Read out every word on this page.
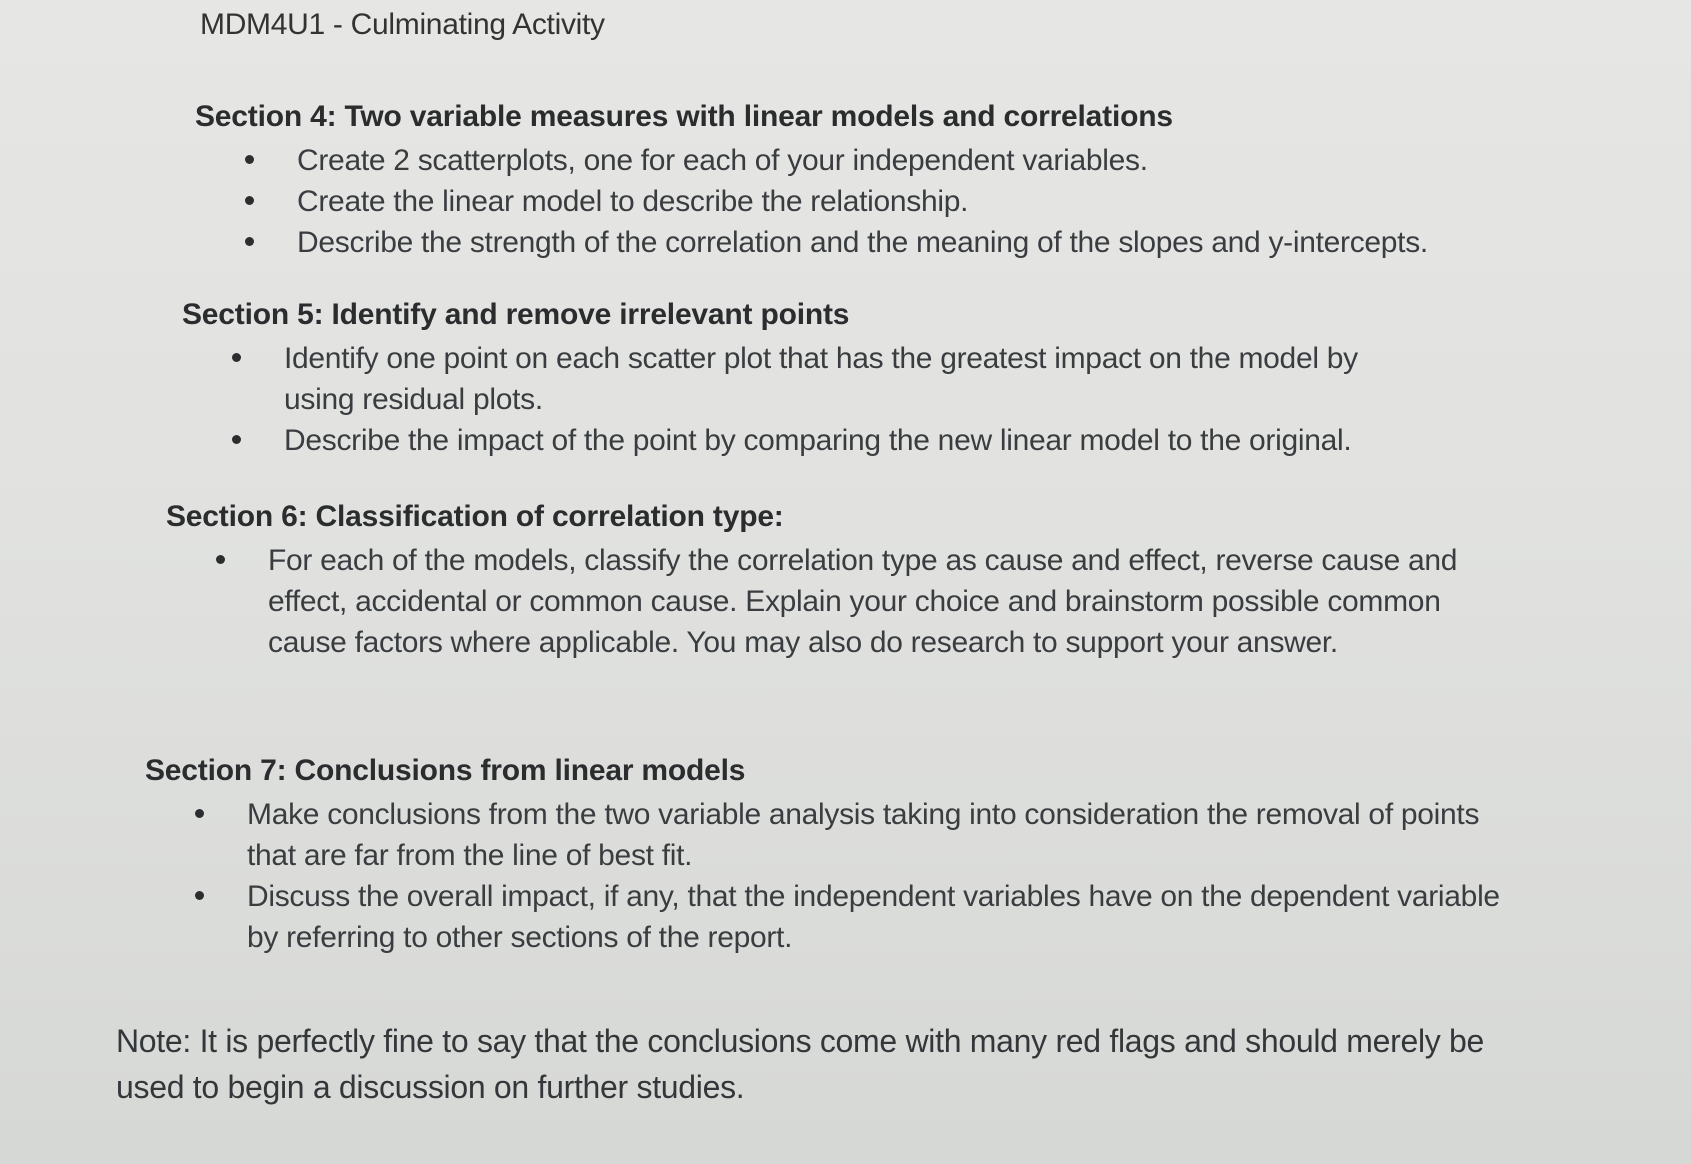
MDM4U1 - Culminating Activity
Section 4: Two variable measures with linear models and correlations
Create 2 scatterplots, one for each of your independent variables.
Create the linear model to describe the relationship.
Describe the strength of the correlation and the meaning of the slopes and y-intercepts.
Section 5: Identify and remove irrelevant points
Identify one point on each scatter plot that has the greatest impact on the model by using residual plots.
Describe the impact of the point by comparing the new linear model to the original.
Section 6: Classification of correlation type:
For each of the models, classify the correlation type as cause and effect, reverse cause and effect, accidental or common cause. Explain your choice and brainstorm possible common cause factors where applicable. You may also do research to support your answer.
Section 7: Conclusions from linear models
Make conclusions from the two variable analysis taking into consideration the removal of points that are far from the line of best fit.
Discuss the overall impact, if any, that the independent variables have on the dependent variable by referring to other sections of the report.
Note: It is perfectly fine to say that the conclusions come with many red flags and should merely be used to begin a discussion on further studies.
